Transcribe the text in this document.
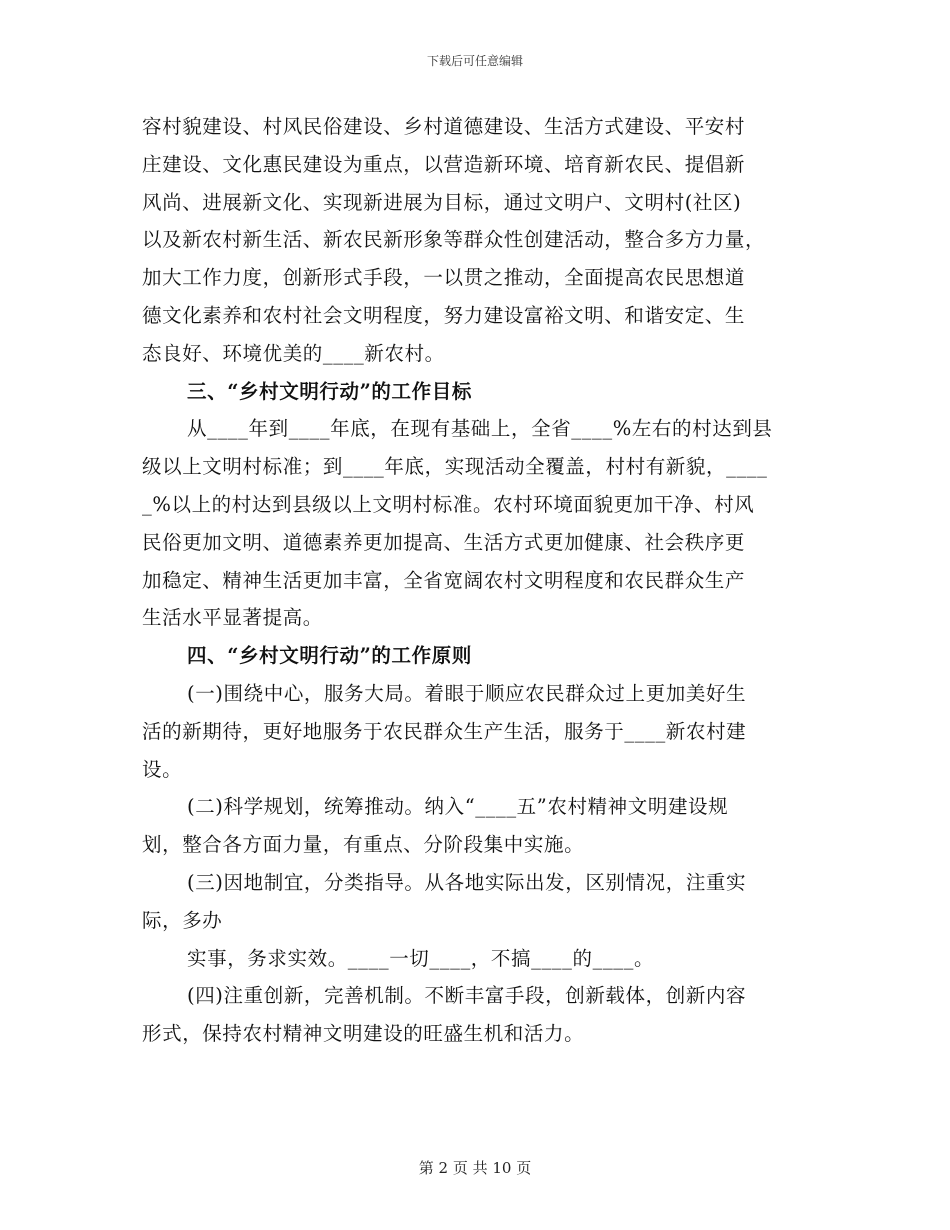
下载后可任意编辑
容村貌建设、村风民俗建设、乡村道德建设、生活方式建设、平安村
庄建设、文化惠民建设为重点，以营造新环境、培育新农民、提倡新
风尚、进展新文化、实现新进展为目标，通过文明户、文明村(社区)
以及新农村新生活、新农民新形象等群众性创建活动，整合多方力量，
加大工作力度，创新形式手段，一以贯之推动，全面提高农民思想道
德文化素养和农村社会文明程度，努力建设富裕文明、和谐安定、生
态良好、环境优美的____新农村。
三、“乡村文明行动”的工作目标
从____年到____年底，在现有基础上，全省____%左右的村达到县
级以上文明村标准；到____年底，实现活动全覆盖，村村有新貌，____
_%以上的村达到县级以上文明村标准。农村环境面貌更加干净、村风
民俗更加文明、道德素养更加提高、生活方式更加健康、社会秩序更
加稳定、精神生活更加丰富，全省宽阔农村文明程度和农民群众生产
生活水平显著提高。
四、“乡村文明行动”的工作原则
(一)围绕中心，服务大局。着眼于顺应农民群众过上更加美好生
活的新期待，更好地服务于农民群众生产生活，服务于____新农村建
设。
(二)科学规划，统筹推动。纳入“____五”农村精神文明建设规
划，整合各方面力量，有重点、分阶段集中实施。
(三)因地制宜，分类指导。从各地实际出发，区别情况，注重实
际，多办
实事，务求实效。____一切____，不搞____的____。
(四)注重创新，完善机制。不断丰富手段，创新载体，创新内容
形式，保持农村精神文明建设的旺盛生机和活力。
第 2 页 共 10 页
